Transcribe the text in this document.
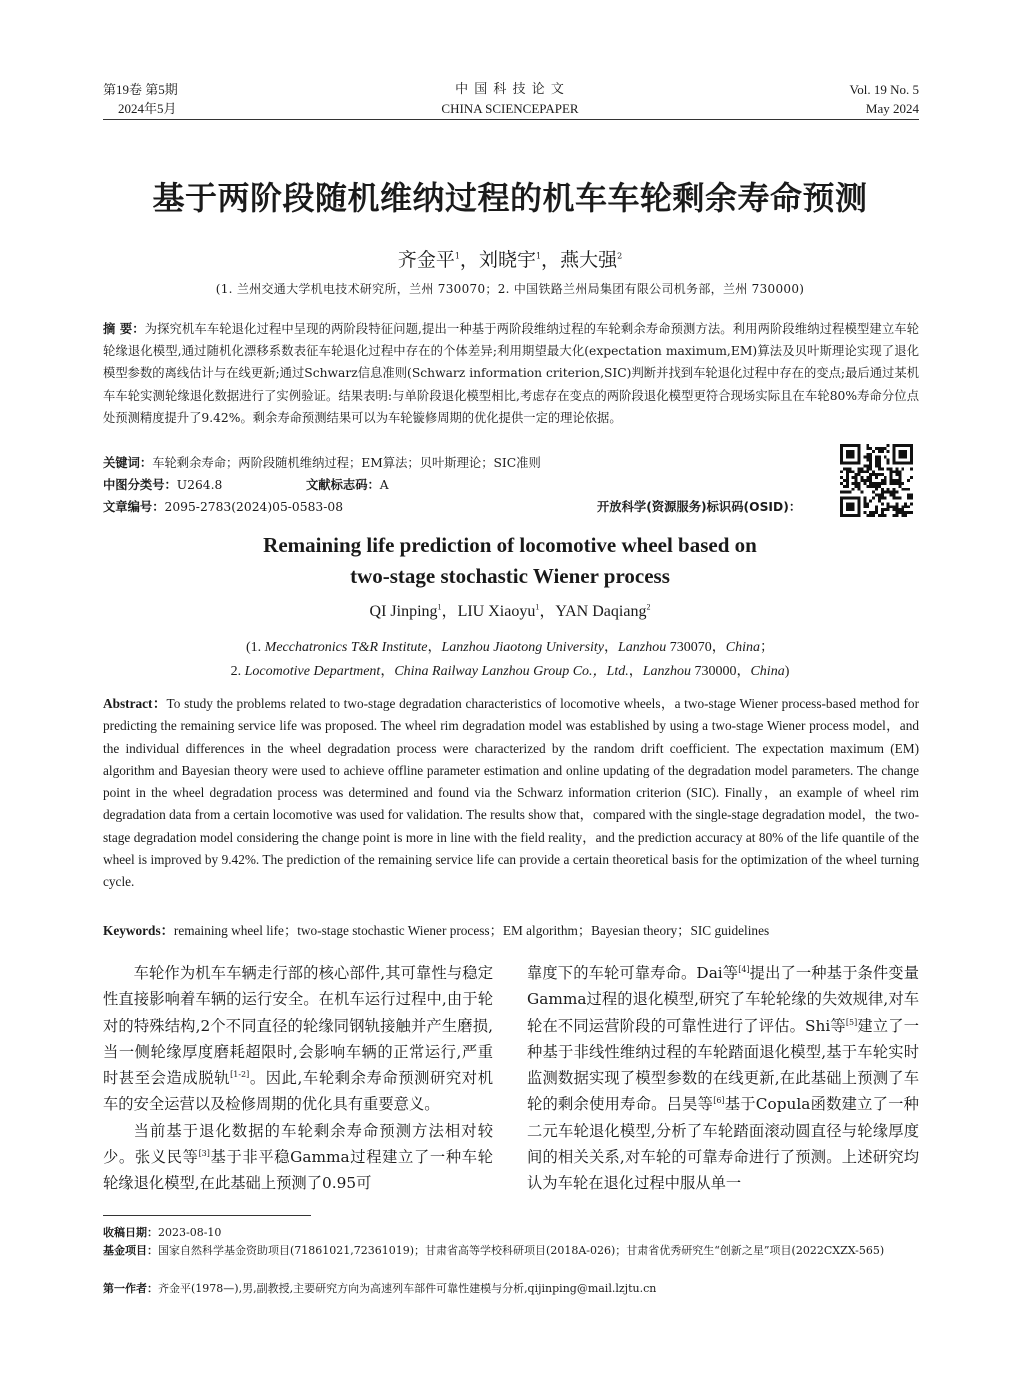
第19卷 第5期
2024年5月
中 国 科 技 论 文
CHINA SCIENCEPAPER
Vol. 19 No. 5
May 2024
基于两阶段随机维纳过程的机车车轮剩余寿命预测
齐金平$^1$，刘晓宇$^1$，燕大强$^2$
(1. 兰州交通大学机电技术研究所，兰州 730070；2. 中国铁路兰州局集团有限公司机务部，兰州 730000)
摘 要：为探究机车车轮退化过程中呈现的两阶段特征问题,提出一种基于两阶段维纳过程的车轮剩余寿命预测方法。利用两阶段维纳过程模型建立车轮轮缘退化模型,通过随机化漂移系数表征车轮退化过程中存在的个体差异;利用期望最大化(expectation maximum,EM)算法及贝叶斯理论实现了退化模型参数的离线估计与在线更新;通过Schwarz信息准则(Schwarz information criterion,SIC)判断并找到车轮退化过程中存在的变点;最后通过某机车车轮实测轮缘退化数据进行了实例验证。结果表明:与单阶段退化模型相比,考虑存在变点的两阶段退化模型更符合现场实际且在车轮80%寿命分位点处预测精度提升了9.42%。剩余寿命预测结果可以为车轮镟修周期的优化提供一定的理论依据。
关键词：车轮剩余寿命；两阶段随机维纳过程；EM算法；贝叶斯理论；SIC准则
中图分类号：U264.8	文献标志码：A
文章编号：2095-2783(2024)05-0583-08	开放科学(资源服务)标识码(OSID)：
Remaining life prediction of locomotive wheel based on
two-stage stochastic Wiener process
QI Jinping$^1$，LIU Xiaoyu$^1$，YAN Daqiang$^2$
(1. Mecchatronics T&R Institute，Lanzhou Jiaotong University，Lanzhou 730070，China；
2. Locomotive Department，China Railway Lanzhou Group Co.，Ltd.，Lanzhou 730000，China)
Abstract：To study the problems related to two-stage degradation characteristics of locomotive wheels，a two-stage Wiener process-based method for predicting the remaining service life was proposed. The wheel rim degradation model was established by using a two-stage Wiener process model，and the individual differences in the wheel degradation process were characterized by the random drift coefficient. The expectation maximum (EM) algorithm and Bayesian theory were used to achieve offline parameter estimation and online updating of the degradation model parameters. The change point in the wheel degradation process was determined and found via the Schwarz information criterion (SIC). Finally，an example of wheel rim degradation data from a certain locomotive was used for validation. The results show that，compared with the single-stage degradation model，the two-stage degradation model considering the change point is more in line with the field reality，and the prediction accuracy at 80% of the life quantile of the wheel is improved by 9.42%. The prediction of the remaining service life can provide a certain theoretical basis for the optimization of the wheel turning cycle.
Keywords：remaining wheel life；two-stage stochastic Wiener process；EM algorithm；Bayesian theory；SIC guidelines

车轮作为机车车辆走行部的核心部件,其可靠性与稳定性直接影响着车辆的运行安全。在机车运行过程中,由于轮对的特殊结构,2个不同直径的轮缘同钢轨接触并产生磨损,当一侧轮缘厚度磨耗超限时,会影响车辆的正常运行,严重时甚至会造成脱轨[1-2]。因此,车轮剩余寿命预测研究对机车的安全运营以及检修周期的优化具有重要意义。

当前基于退化数据的车轮剩余寿命预测方法相对较少。张义民等[3]基于非平稳Gamma过程建立了一种车轮轮缘退化模型,在此基础上预测了0.95可

靠度下的车轮可靠寿命。Dai等[4]提出了一种基于条件变量Gamma过程的退化模型,研究了车轮轮缘的失效规律,对车轮在不同运营阶段的可靠性进行了评估。Shi等[5]建立了一种基于非线性维纳过程的车轮踏面退化模型,基于车轮实时监测数据实现了模型参数的在线更新,在此基础上预测了车轮的剩余使用寿命。吕昊等[6]基于Copula函数建立了一种二元车轮退化模型,分析了车轮踏面滚动圆直径与轮缘厚度间的相关关系,对车轮的可靠寿命进行了预测。上述研究均认为车轮在退化过程中服从单一

收稿日期：2023-08-10
基金项目：国家自然科学基金资助项目(71861021,72361019)；甘肃省高等学校科研项目(2018A-026)；甘肃省优秀研究生“创新之星”项目(2022CXZX-565)
第一作者：齐金平(1978—),男,副教授,主要研究方向为高速列车部件可靠性建模与分析,qijinping@mail.lzjtu.cn
